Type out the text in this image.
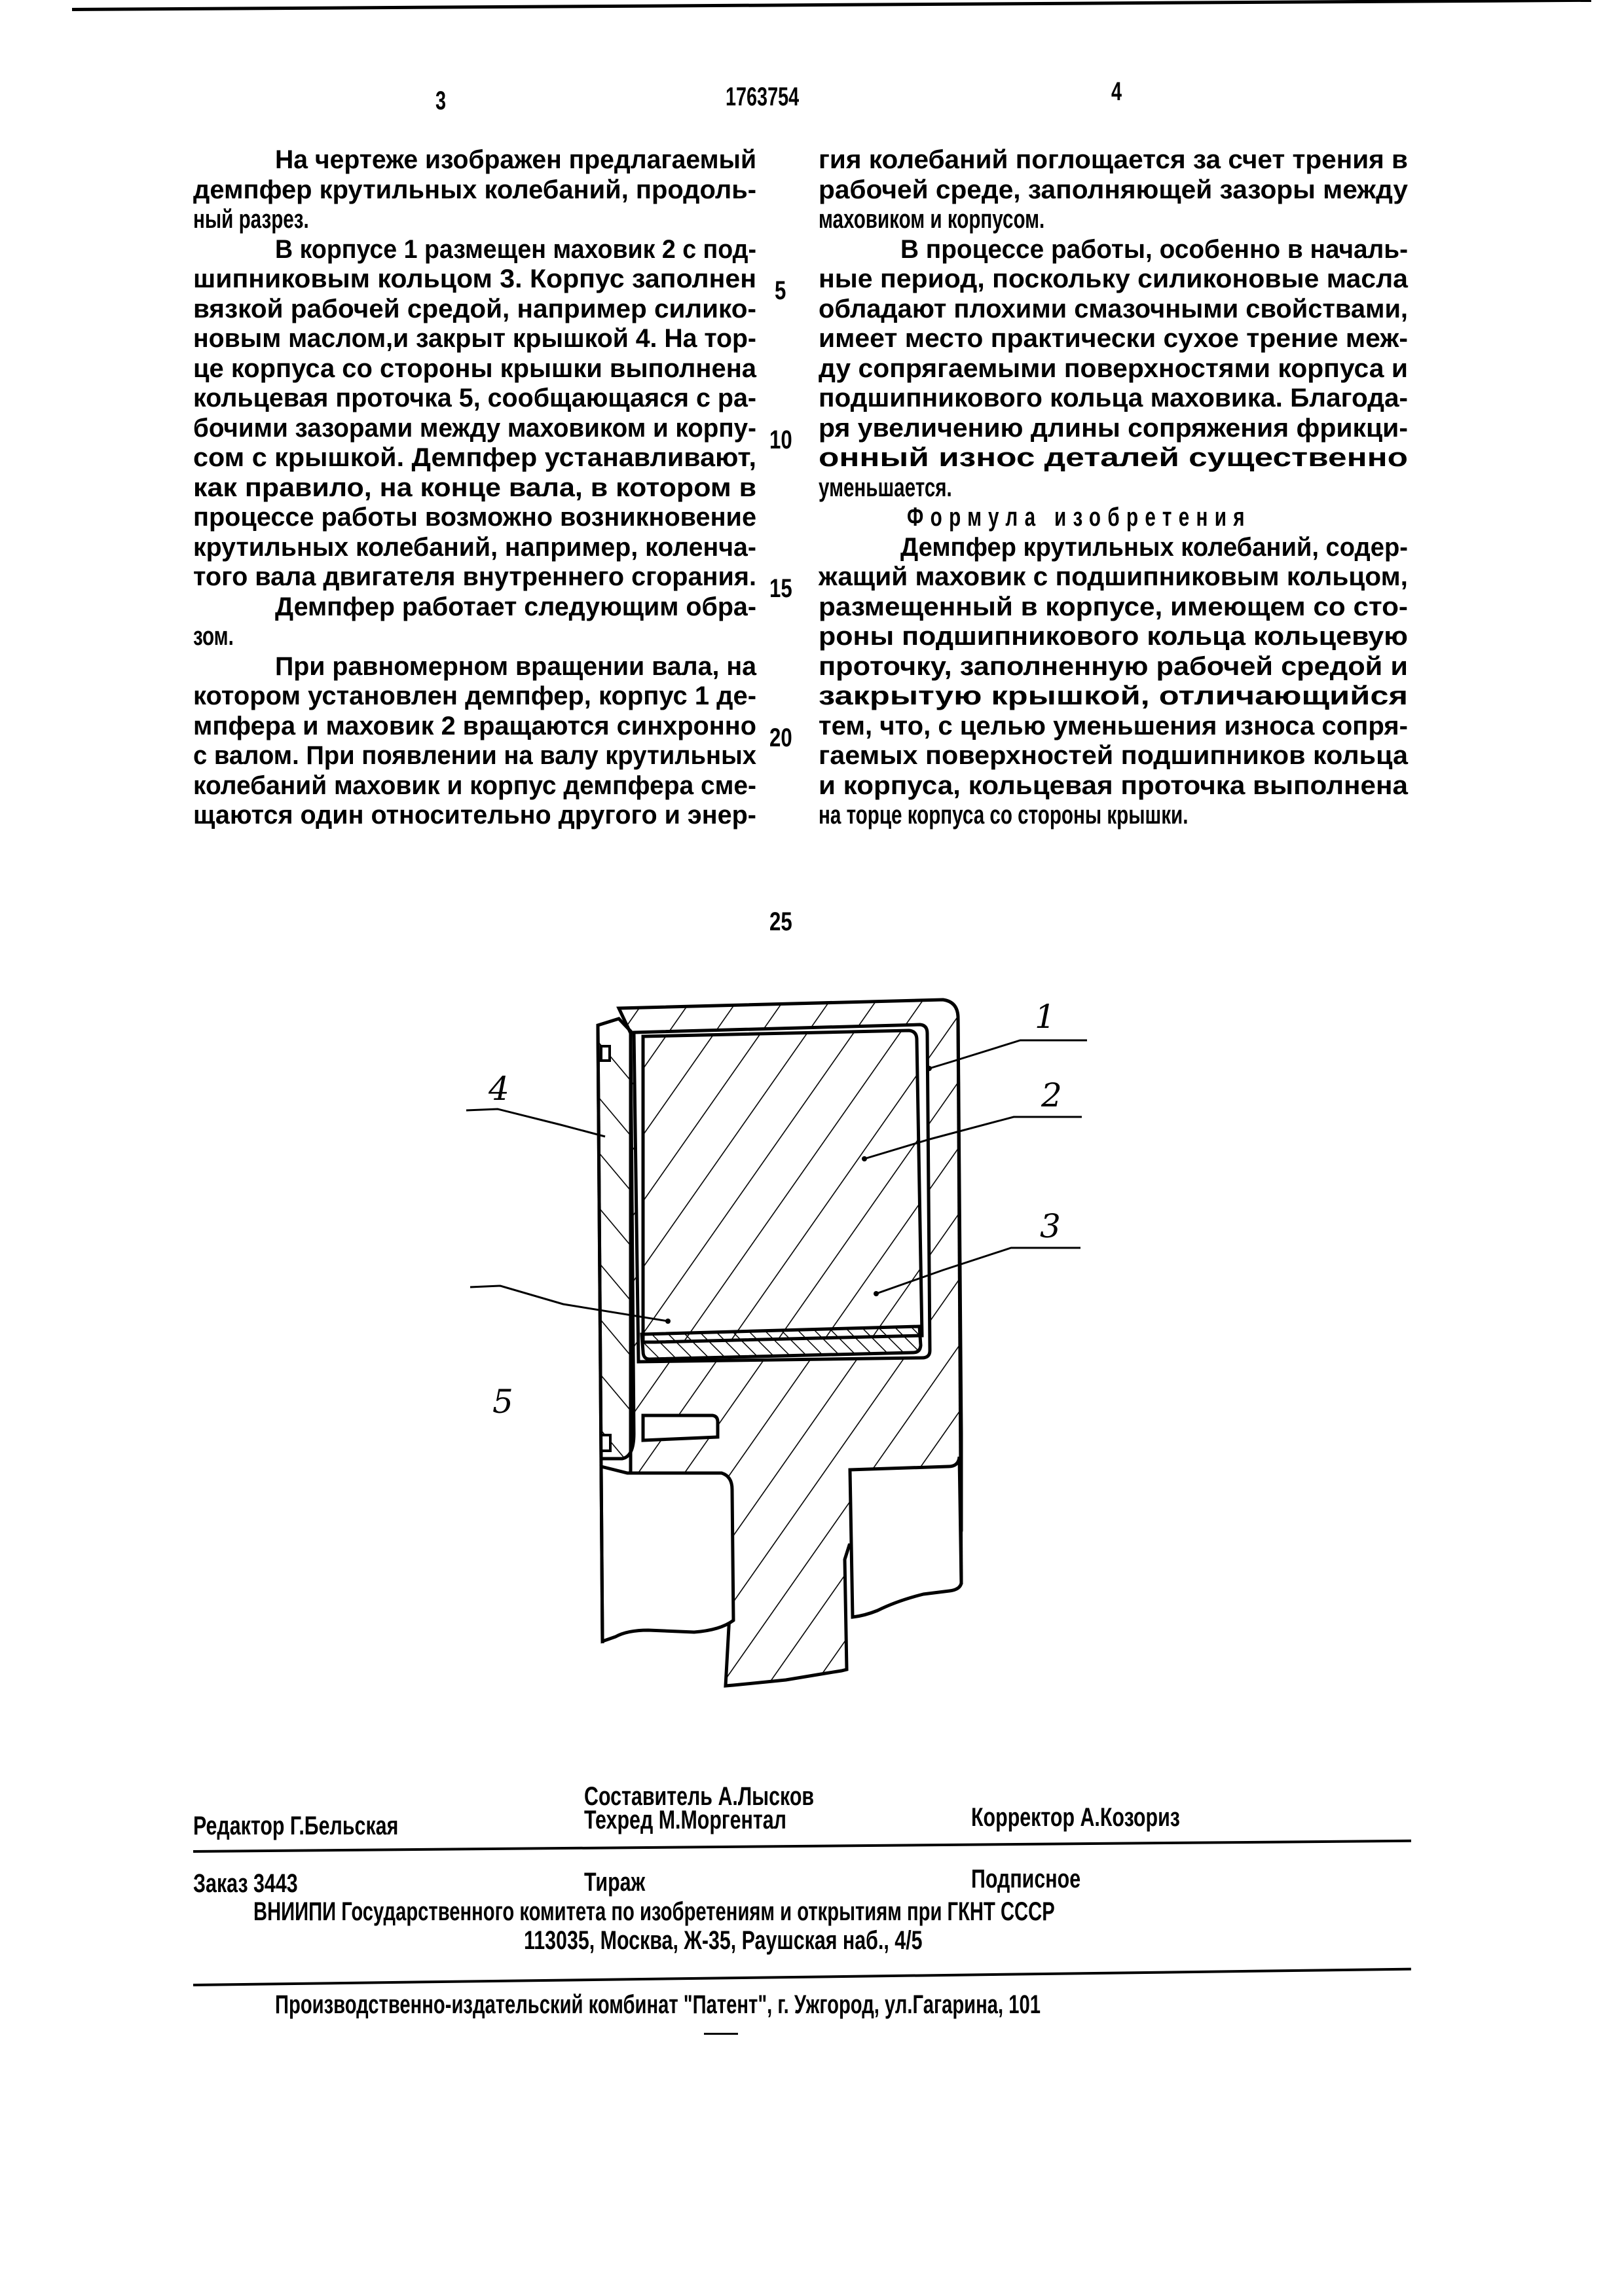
3	1763754	4
На чертеже изображен предлагаемый
демпфер крутильных колебаний, продоль-
ный разрез.
В корпусе 1 размещен маховик 2 с под-
шипниковым кольцом 3. Корпус заполнен
вязкой рабочей средой, например силико-
новым маслом,и закрыт крышкой 4. На тор-
це корпуса со стороны крышки выполнена
кольцевая проточка 5, сообщающаяся с ра-
бочими зазорами между маховиком и корпу-
сом с крышкой. Демпфер устанавливают,
как правило, на конце вала, в котором в
процессе работы возможно возникновение
крутильных колебаний, например, коленча-
того вала двигателя внутреннего сгорания.
Демпфер работает следующим обра-
зом.
При равномерном вращении вала, на
котором установлен демпфер, корпус 1 де-
мпфера и маховик 2 вращаются синхронно
с валом. При появлении на валу крутильных
колебаний маховик и корпус демпфера сме-
щаются один относительно другого и энер-
гия колебаний поглощается за счет трения в
рабочей среде, заполняющей зазоры между
маховиком и корпусом.
В процессе работы, особенно в началь-
ные период, поскольку силиконовые масла
обладают плохими смазочными свойствами,
имеет место практически сухое трение меж-
ду сопрягаемыми поверхностями корпуса и
подшипникового кольца маховика. Благода-
ря увеличению длины сопряжения фрикци-
онный износ деталей существенно
уменьшается.
Формула изобретения
Демпфер крутильных колебаний, содер-
жащий маховик с подшипниковым кольцом,
размещенный в корпусе, имеющем со сто-
роны подшипникового кольца кольцевую
проточку, заполненную рабочей средой и
закрытую крышкой, отличающийся
тем, что, с целью уменьшения износа сопря-
гаемых поверхностей подшипников кольца
и корпуса, кольцевая проточка выполнена
на торце корпуса со стороны крышки.
5
10
15
20
25
1
2
3
4
5
Составитель А.Лысков
Редактор Г.Бельская	Техред М.Моргентал	Корректор А.Козориз
Заказ 3443	Тираж	Подписное
ВНИИПИ Государственного комитета по изобретениям и открытиям при ГКНТ СССР
113035, Москва, Ж-35, Раушская наб., 4/5
Производственно-издательский комбинат "Патент", г. Ужгород, ул.Гагарина, 101
